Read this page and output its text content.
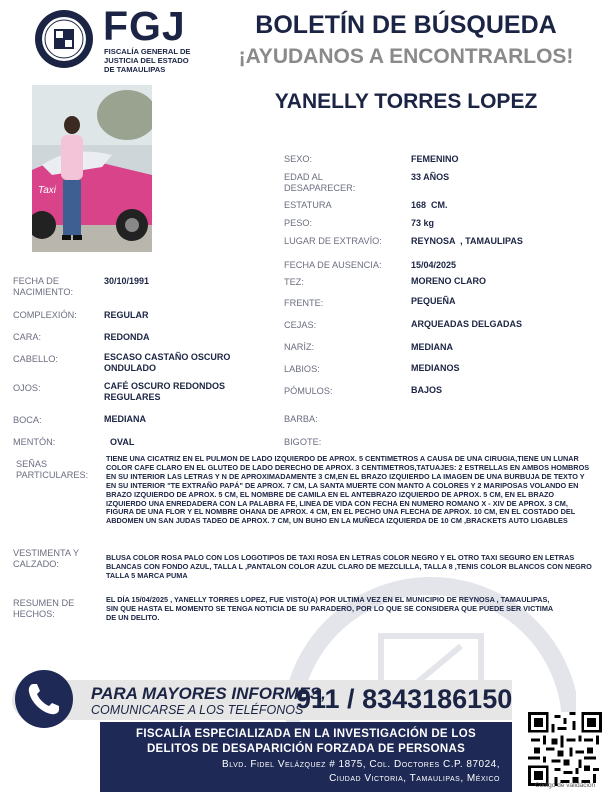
FGJ
FISCALÍA GENERAL DE JUSTICIA DEL ESTADO DE TAMAULIPAS
BOLETÍN DE BÚSQUEDA
¡AYUDANOS A ENCONTRARLOS!
YANELLY TORRES LOPEZ
Taxi
SEXO:	FEMENINO
EDAD AL DESAPARECER:
33 AÑOS
ESTATURA	168  CM.
PESO:	73 kg
LUGAR DE EXTRAVÍO:	REYNOSA  , TAMAULIPAS
FECHA DE AUSENCIA:	15/04/2025
TEZ:	MORENO CLARO
FRENTE:	PEQUEÑA
CEJAS:	ARQUEADAS DELGADAS
NARÍZ:	MEDIANA
LABIOS:	MEDIANOS
PÓMULOS:	BAJOS
BARBA:
BIGOTE:
FECHA DE NACIMIENTO:
30/10/1991
COMPLEXIÓN:	REGULAR
CARA:	REDONDA
CABELLO:	ESCASO CASTAÑO OSCURO ONDULADO
OJOS:	CAFÉ OSCURO REDONDOS REGULARES
BOCA:	MEDIANA
MENTÓN:	OVAL
SEÑAS PARTICULARES:
TIENE UNA CICATRIZ EN EL PULMON DE LADO IZQUIERDO DE APROX. 5 CENTIMETROS A CAUSA DE UNA CIRUGIA,TIENE UN LUNAR COLOR CAFE CLARO EN EL GLUTEO DE LADO DERECHO DE APROX. 3 CENTIMETROS,TATUAJES: 2 ESTRELLAS EN AMBOS HOMBROS EN SU INTERIOR LAS LETRAS Y N DE APROXIMADAMENTE 3 CM,EN EL BRAZO IZQUIERDO LA IMAGEN DE UNA BURBUJA DE TEXTO Y EN SU INTERIOR "TE EXTRAÑO PAPÁ" DE APROX. 7 CM, LA SANTA MUERTE CON MANTO A COLORES Y 2 MARIPOSAS VOLANDO EN BRAZO IZQUIERDO DE APROX. 5 CM, EL NOMBRE DE CAMILA EN EL ANTEBRAZO IZQUIERDO DE APROX. 5 CM, EN EL BRAZO IZQUIERDO UNA ENREDADERA CON LA PALABRA FE, LINEA DE VIDA CON FECHA EN NUMERO ROMANO X - XIV DE APROX. 3 CM, FIGURA DE UNA FLOR Y EL NOMBRE OHANA DE APROX. 4 CM, EN EL PECHO UNA FLECHA DE APROX. 10 CM, EN EL COSTADO DEL ABDOMEN UN SAN JUDAS TADEO DE APROX. 7 CM, UN BUHO EN LA MUÑECA IZQUIERDA DE 10 CM ,BRACKETS AUTO LIGABLES
VESTIMENTA Y CALZADO:
BLUSA COLOR ROSA PALO CON LOS LOGOTIPOS DE TAXI ROSA EN LETRAS COLOR NEGRO Y EL OTRO TAXI SEGURO EN LETRAS BLANCAS CON FONDO AZUL, TALLA L ,PANTALON COLOR AZUL CLARO DE MEZCLILLA, TALLA 8 ,TENIS COLOR BLANCOS CON NEGRO TALLA 5 MARCA PUMA
RESUMEN DE HECHOS:
EL DÍA 15/04/2025 , YANELLY TORRES LOPEZ, FUE VISTO(A) POR ULTIMA VEZ EN EL MUNICIPIO DE REYNOSA , TAMAULIPAS, SIN QUE HASTA EL MOMENTO SE TENGA NOTICIA DE SU PARADERO, POR LO QUE SE CONSIDERA QUE PUEDE SER VICTIMA DE UN DELITO.
PARA MAYORES INFORMES,
COMUNICARSE A LOS TELÉFONOS
911 / 8343186150
FISCALÍA ESPECIALIZADA EN LA INVESTIGACIÓN DE LOS
DELITOS DE DESAPARICIÓN FORZADA DE PERSONAS
Blvd. Fidel Velázquez # 1875, Col. Doctores C.P. 87024,
Ciudad Victoria, Tamaulipas, México
Código de validación
